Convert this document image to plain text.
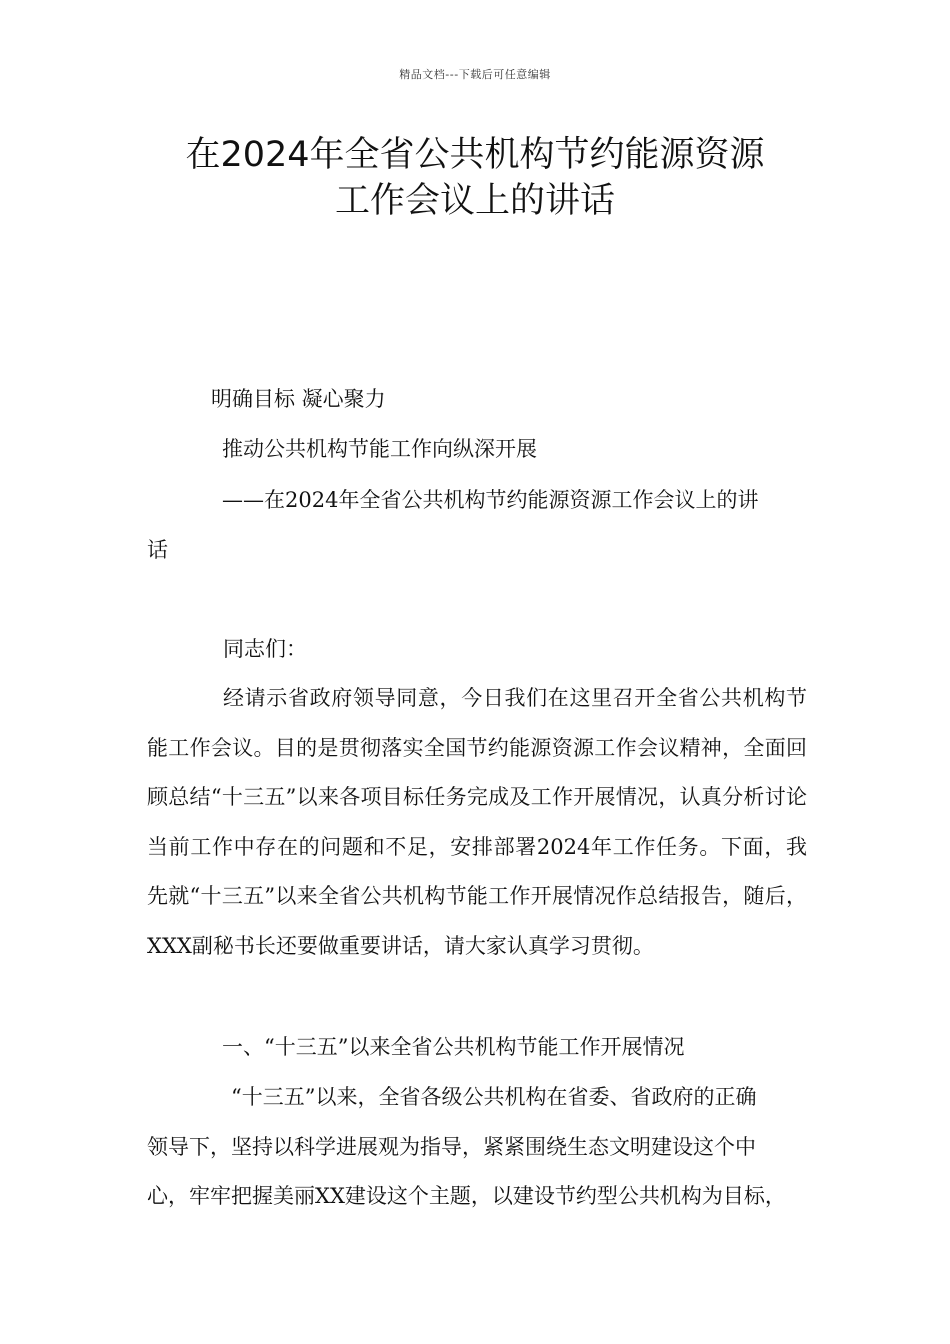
精品文档---下载后可任意编辑
在2024年全省公共机构节约能源资源
工作会议上的讲话
明确目标 凝心聚力
推动公共机构节能工作向纵深开展
——在2024年全省公共机构节约能源资源工作会议上的讲
话
同志们：
经请示省政府领导同意，今日我们在这里召开全省公共机构节能工作会议。目的是贯彻落实全国节约能源资源工作会议精神，全面回顾总结“十三五”以来各项目标任务完成及工作开展情况，认真分析讨论当前工作中存在的问题和不足，安排部署2024年工作任务。下面，我先就“十三五”以来全省公共机构节能工作开展情况作总结报告，随后，XXX副秘书长还要做重要讲话，请大家认真学习贯彻。
一、“十三五”以来全省公共机构节能工作开展情况
“十三五”以来，全省各级公共机构在省委、省政府的正确
领导下，坚持以科学进展观为指导，紧紧围绕生态文明建设这个中
心，牢牢把握美丽XX建设这个主题，以建设节约型公共机构为目标，
